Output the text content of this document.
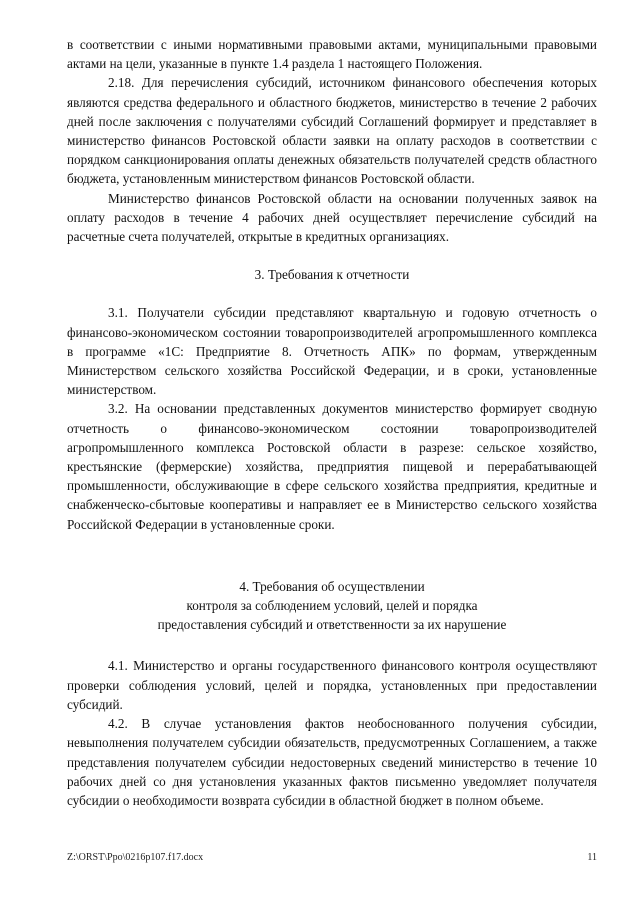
в соответствии с иными нормативными правовыми актами, муниципальными правовыми актами на цели, указанные в пункте 1.4 раздела 1 настоящего Положения.

2.18. Для перечисления субсидий, источником финансового обеспечения которых являются средства федерального и областного бюджетов, министерство в течение 2 рабочих дней после заключения с получателями субсидий Соглашений формирует и представляет в министерство финансов Ростовской области заявки на оплату расходов в соответствии с порядком санкционирования оплаты денежных обязательств получателей средств областного бюджета, установленным министерством финансов Ростовской области.

Министерство финансов Ростовской области на основании полученных заявок на оплату расходов в течение 4 рабочих дней осуществляет перечисление субсидий на расчетные счета получателей, открытые в кредитных организациях.

3. Требования к отчетности

3.1. Получатели субсидии представляют квартальную и годовую отчетность о финансово-экономическом состоянии товаропроизводителей агропромышленного комплекса в программе «1С: Предприятие 8. Отчетность АПК» по формам, утвержденным Министерством сельского хозяйства Российской Федерации, и в сроки, установленные министерством.

3.2. На основании представленных документов министерство формирует сводную отчетность о финансово-экономическом состоянии товаропроизводителей агропромышленного комплекса Ростовской области в разрезе: сельское хозяйство, крестьянские (фермерские) хозяйства, предприятия пищевой и перерабатывающей промышленности, обслуживающие в сфере сельского хозяйства предприятия, кредитные и снабженческо-сбытовые кооперативы и направляет ее в Министерство сельского хозяйства Российской Федерации в установленные сроки.

4. Требования об осуществлении

контроля за соблюдением условий, целей и порядка

предоставления субсидий и ответственности за их нарушение

4.1. Министерство и органы государственного финансового контроля осуществляют проверки соблюдения условий, целей и порядка, установленных при предоставлении субсидий.

4.2. В случае установления фактов необоснованного получения субсидии, невыполнения получателем субсидии обязательств, предусмотренных Соглашением, а также представления получателем субсидии недостоверных сведений министерство в течение 10 рабочих дней со дня установления указанных фактов письменно уведомляет получателя субсидии о необходимости возврата субсидии в областной бюджет в полном объеме.

Z:\ORST\Ppo\0216p107.f17.docx	11
